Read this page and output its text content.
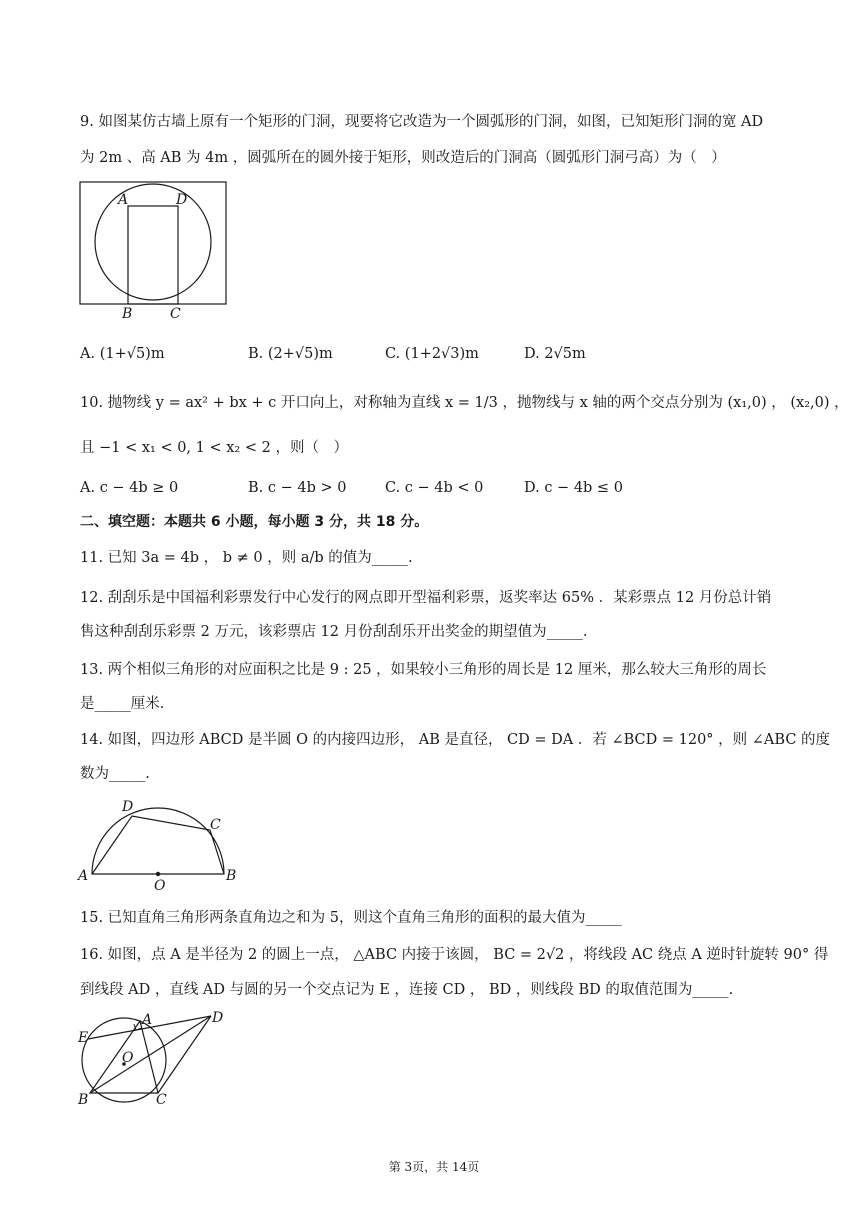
9. 如图某仿古墙上原有一个矩形的门洞，现要将它改造为一个圆弧形的门洞，如图，已知矩形门洞的宽 AD
为 2m 、高 AB 为 4m ，圆弧所在的圆外接于矩形，则改造后的门洞高（圆弧形门洞弓高）为（　）
A	D
B	C
A. (1+√5)m	B. (2+√5)m	C. (1+2√3)m	D. 2√5m
10. 抛物线 y = ax² + bx + c 开口向上，对称轴为直线 x = 1/3 ，抛物线与 x 轴的两个交点分别为 (x₁,0) ， (x₂,0) ，
且 −1 < x₁ < 0, 1 < x₂ < 2 ，则（　）
A. c − 4b ≥ 0	B. c − 4b > 0	C. c − 4b < 0	D. c − 4b ≤ 0
二、填空题：本题共 6 小题，每小题 3 分，共 18 分。
11. 已知 3a = 4b ， b ≠ 0 ，则 a/b 的值为_____.
12. 刮刮乐是中国福利彩票发行中心发行的网点即开型福利彩票，返奖率达 65% ．某彩票点 12 月份总计销
售这种刮刮乐彩票 2 万元，该彩票店 12 月份刮刮乐开出奖金的期望值为_____.
13. 两个相似三角形的对应面积之比是 9 : 25 ，如果较小三角形的周长是 12 厘米，那么较大三角形的周长
是_____厘米.
14. 如图，四边形 ABCD 是半圆 O 的内接四边形， AB 是直径， CD = DA ．若 ∠BCD = 120° ，则 ∠ABC 的度
数为_____.
D
C
A
O
B
15. 已知直角三角形两条直角边之和为 5，则这个直角三角形的面积的最大值为_____
16. 如图，点 A 是半径为 2 的圆上一点， △ABC 内接于该圆， BC = 2√2 ，将线段 AC 绕点 A 逆时针旋转 90° 得
到线段 AD ，直线 AD 与圆的另一个交点记为 E ，连接 CD ， BD ，则线段 BD 的取值范围为_____.
E
A	D
O
B	C
第 3页，共 14页
